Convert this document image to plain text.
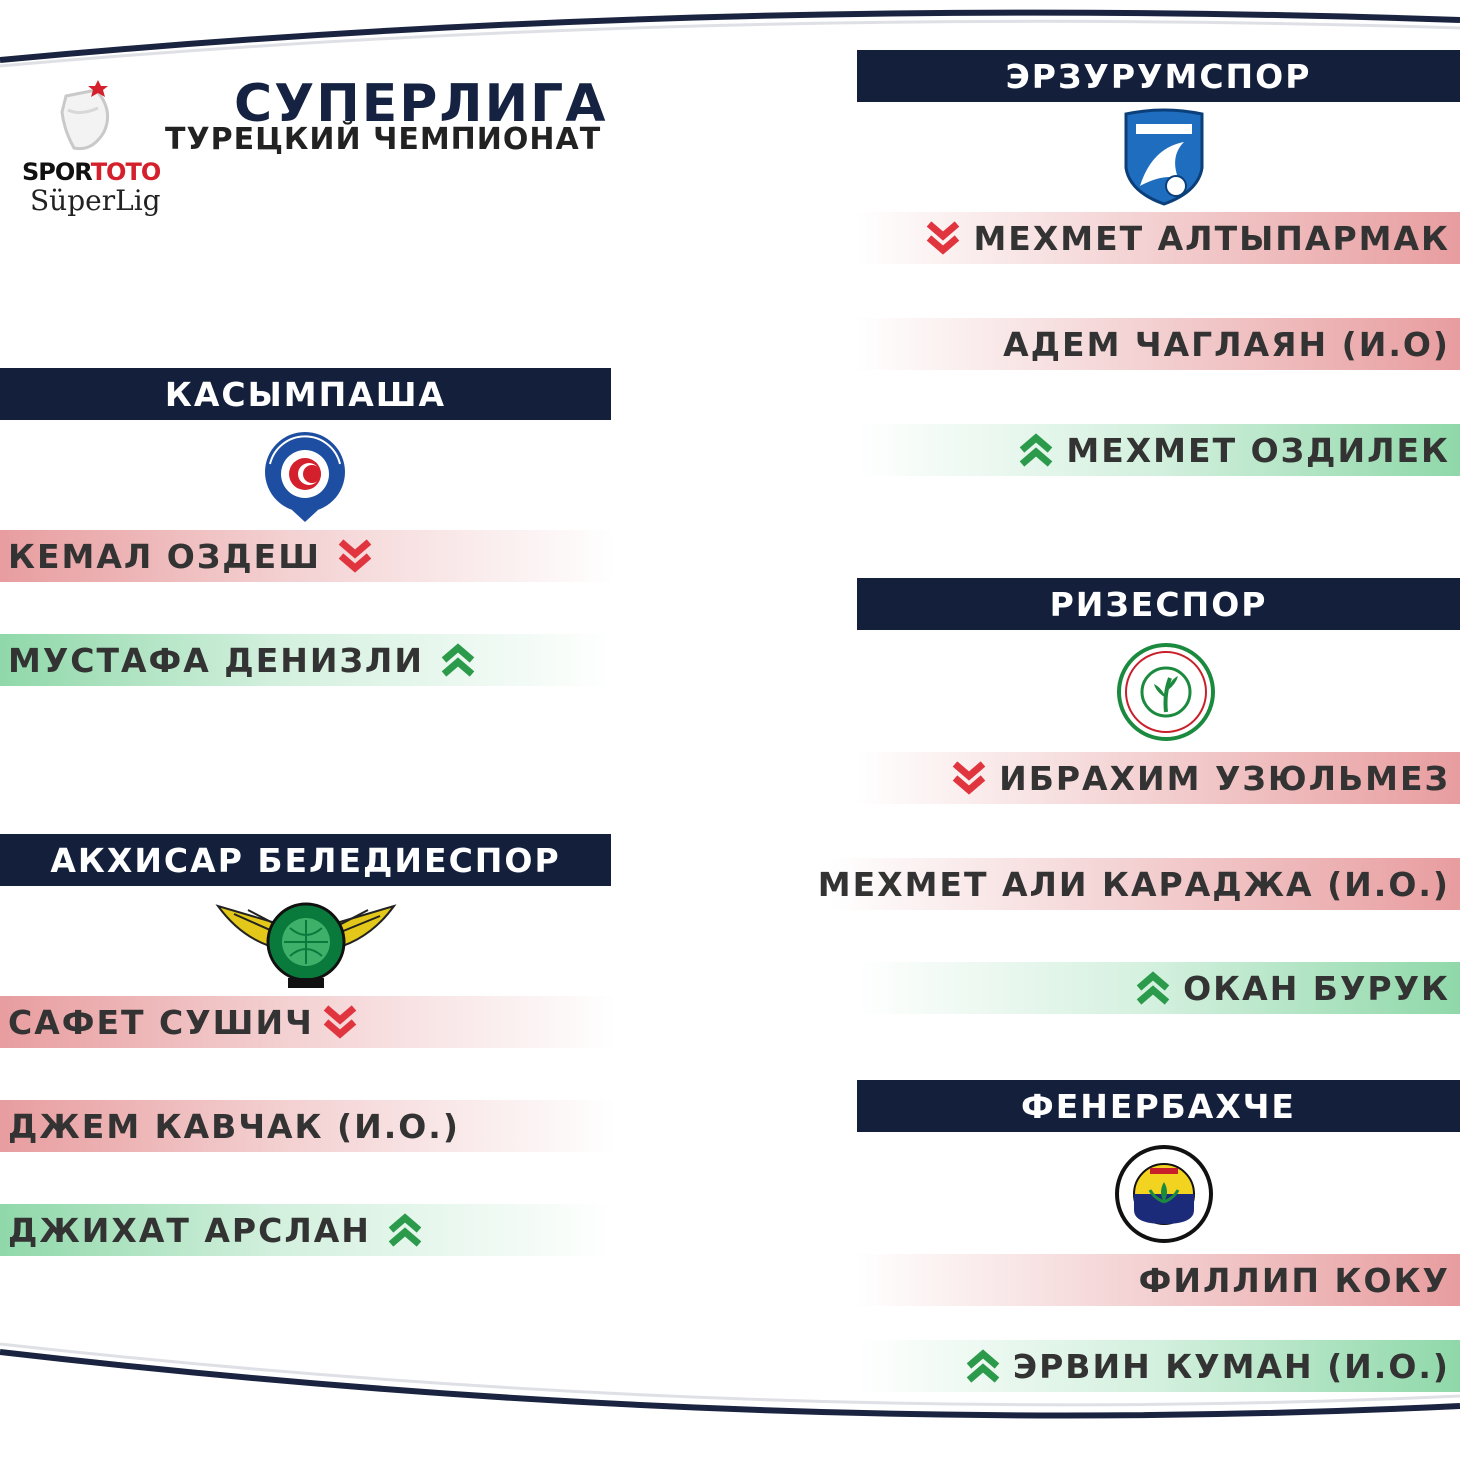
SPORTOTO
SüperLig
СУПЕРЛИГА
ТУРЕЦКИЙ ЧЕМПИОНАТ
КАСЫМПАША
КЕМАЛ ОЗДЕШ
МУСТАФА ДЕНИЗЛИ
АКХИСАР БЕЛЕДИЕСПОР
САФЕТ СУШИЧ
ДЖЕМ КАВЧАК (И.О.)
ДЖИХАТ АРСЛАН
ЭРЗУРУМСПОР
МЕХМЕТ АЛТЫПАРМАК
АДЕМ ЧАГЛАЯН (И.О)
МЕХМЕТ ОЗДИЛЕК
РИЗЕСПОР
ИБРАХИМ УЗЮЛЬМЕЗ
МЕХМЕТ АЛИ КАРАДЖА (И.О.)
ОКАН БУРУК
ФЕНЕРБАХЧЕ
ФИЛЛИП КОКУ
ЭРВИН КУМАН (И.О.)
